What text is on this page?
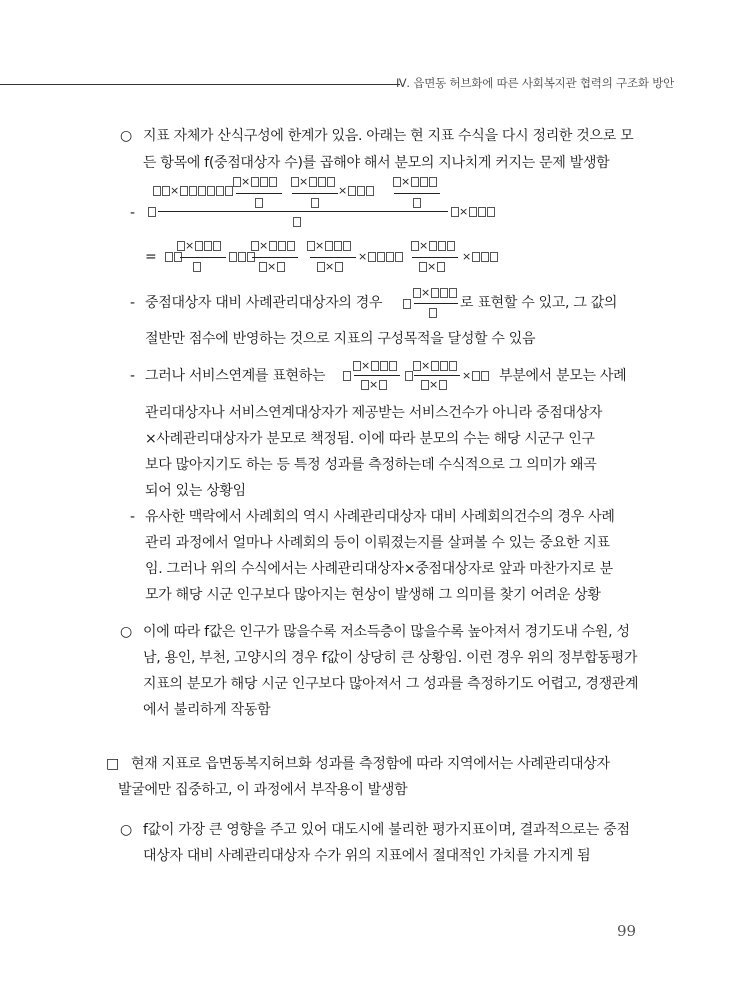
Ⅳ. 읍면동 허브화에 따른 사회복지관 협력의 구조화 방안
○ 지표 자체가 산식구성에 한계가 있음. 아래는 현 지표 수식을 다시 정리한 것으로 모
든 항목에 f(중점대상자 수)를 곱해야 해서 분모의 지나치게 커지는 문제 발생함
×
×	×
×
×
-	×
=
×	×
×
×
×
×
×
×
×
- 중점대상자 대비 사례관리대상자의 경우
×
로 표현할 수 있고, 그 값의
절반만 점수에 반영하는 것으로 지표의 구성목적을 달성할 수 있음
- 그러나 서비스연계를 표현하는
×
×
×
×
×	부분에서 분모는 사례
관리대상자나 서비스연계대상자가 제공받는 서비스건수가 아니라 중점대상자
×사례관리대상자가 분모로 책정됨. 이에 따라 분모의 수는 해당 시군구 인구
보다 많아지기도 하는 등 특정 성과를 측정하는데 수식적으로 그 의미가 왜곡
되어 있는 상황임
- 유사한 맥락에서 사례회의 역시 사례관리대상자 대비 사례회의건수의 경우 사례
관리 과정에서 얼마나 사례회의 등이 이뤄졌는지를 살펴볼 수 있는 중요한 지표
임. 그러나 위의 수식에서는 사례관리대상자×중점대상자로 앞과 마찬가지로 분
모가 해당 시군 인구보다 많아지는 현상이 발생해 그 의미를 찾기 어려운 상황
○ 이에 따라 f값은 인구가 많을수록 저소득층이 많을수록 높아져서 경기도내 수원, 성
남, 용인, 부천, 고양시의 경우 f값이 상당히 큰 상황임. 이런 경우 위의 정부합동평가
지표의 분모가 해당 시군 인구보다 많아져서 그 성과를 측정하기도 어렵고, 경쟁관계
에서 불리하게 작동함
□ 현재 지표로 읍면동복지허브화 성과를 측정함에 따라 지역에서는 사례관리대상자
발굴에만 집중하고, 이 과정에서 부작용이 발생함
○ f값이 가장 큰 영향을 주고 있어 대도시에 불리한 평가지표이며, 결과적으로는 중점
대상자 대비 사례관리대상자 수가 위의 지표에서 절대적인 가치를 가지게 됨
99
